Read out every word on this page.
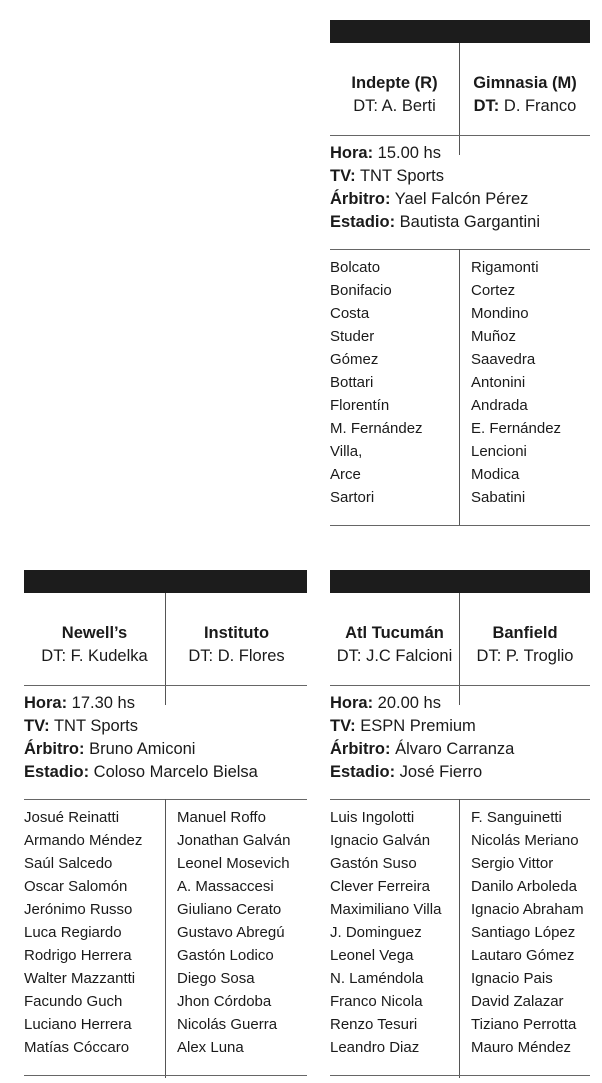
Indepte (R)
DT: A. Berti
Gimnasia (M)
DT: D. Franco
Hora: 15.00 hs
TV: TNT Sports
Árbitro: Yael Falcón Pérez
Estadio: Bautista Gargantini
Bolcato
Bonifacio
Costa
Studer
Gómez
Bottari
Florentín
M. Fernández
Villa,
Arce
Sartori
Rigamonti
Cortez
Mondino
Muñoz
Saavedra
Antonini
Andrada
E. Fernández
Lencioni
Modica
Sabatini
Newell’s
DT: F. Kudelka
Instituto
DT: D. Flores
Hora: 17.30 hs
TV: TNT Sports
Árbitro: Bruno Amiconi
Estadio: Coloso Marcelo Bielsa
Josué Reinatti
Armando Méndez
Saúl Salcedo
Oscar Salomón
Jerónimo Russo
Luca Regiardo
Rodrigo Herrera
Walter Mazzantti
Facundo Guch
Luciano Herrera
Matías Cóccaro
Manuel Roffo
Jonathan Galván
Leonel Mosevich
A. Massaccesi
Giuliano Cerato
Gustavo Abregú
Gastón Lodico
Diego Sosa
Jhon Córdoba
Nicolás Guerra
Alex Luna
Atl Tucumán
DT: J.C Falcioni
Banfield
DT: P. Troglio
Hora: 20.00 hs
TV: ESPN Premium
Árbitro: Álvaro Carranza
Estadio: José Fierro
Luis Ingolotti
Ignacio Galván
Gastón Suso
Clever Ferreira
Maximiliano Villa
J. Dominguez
Leonel Vega
N. Laméndola
Franco Nicola
Renzo Tesuri
Leandro Diaz
F. Sanguinetti
Nicolás Meriano
Sergio Vittor
Danilo Arboleda
Ignacio Abraham
Santiago López
Lautaro Gómez
Ignacio Pais
David Zalazar
Tiziano Perrotta
Mauro Méndez
